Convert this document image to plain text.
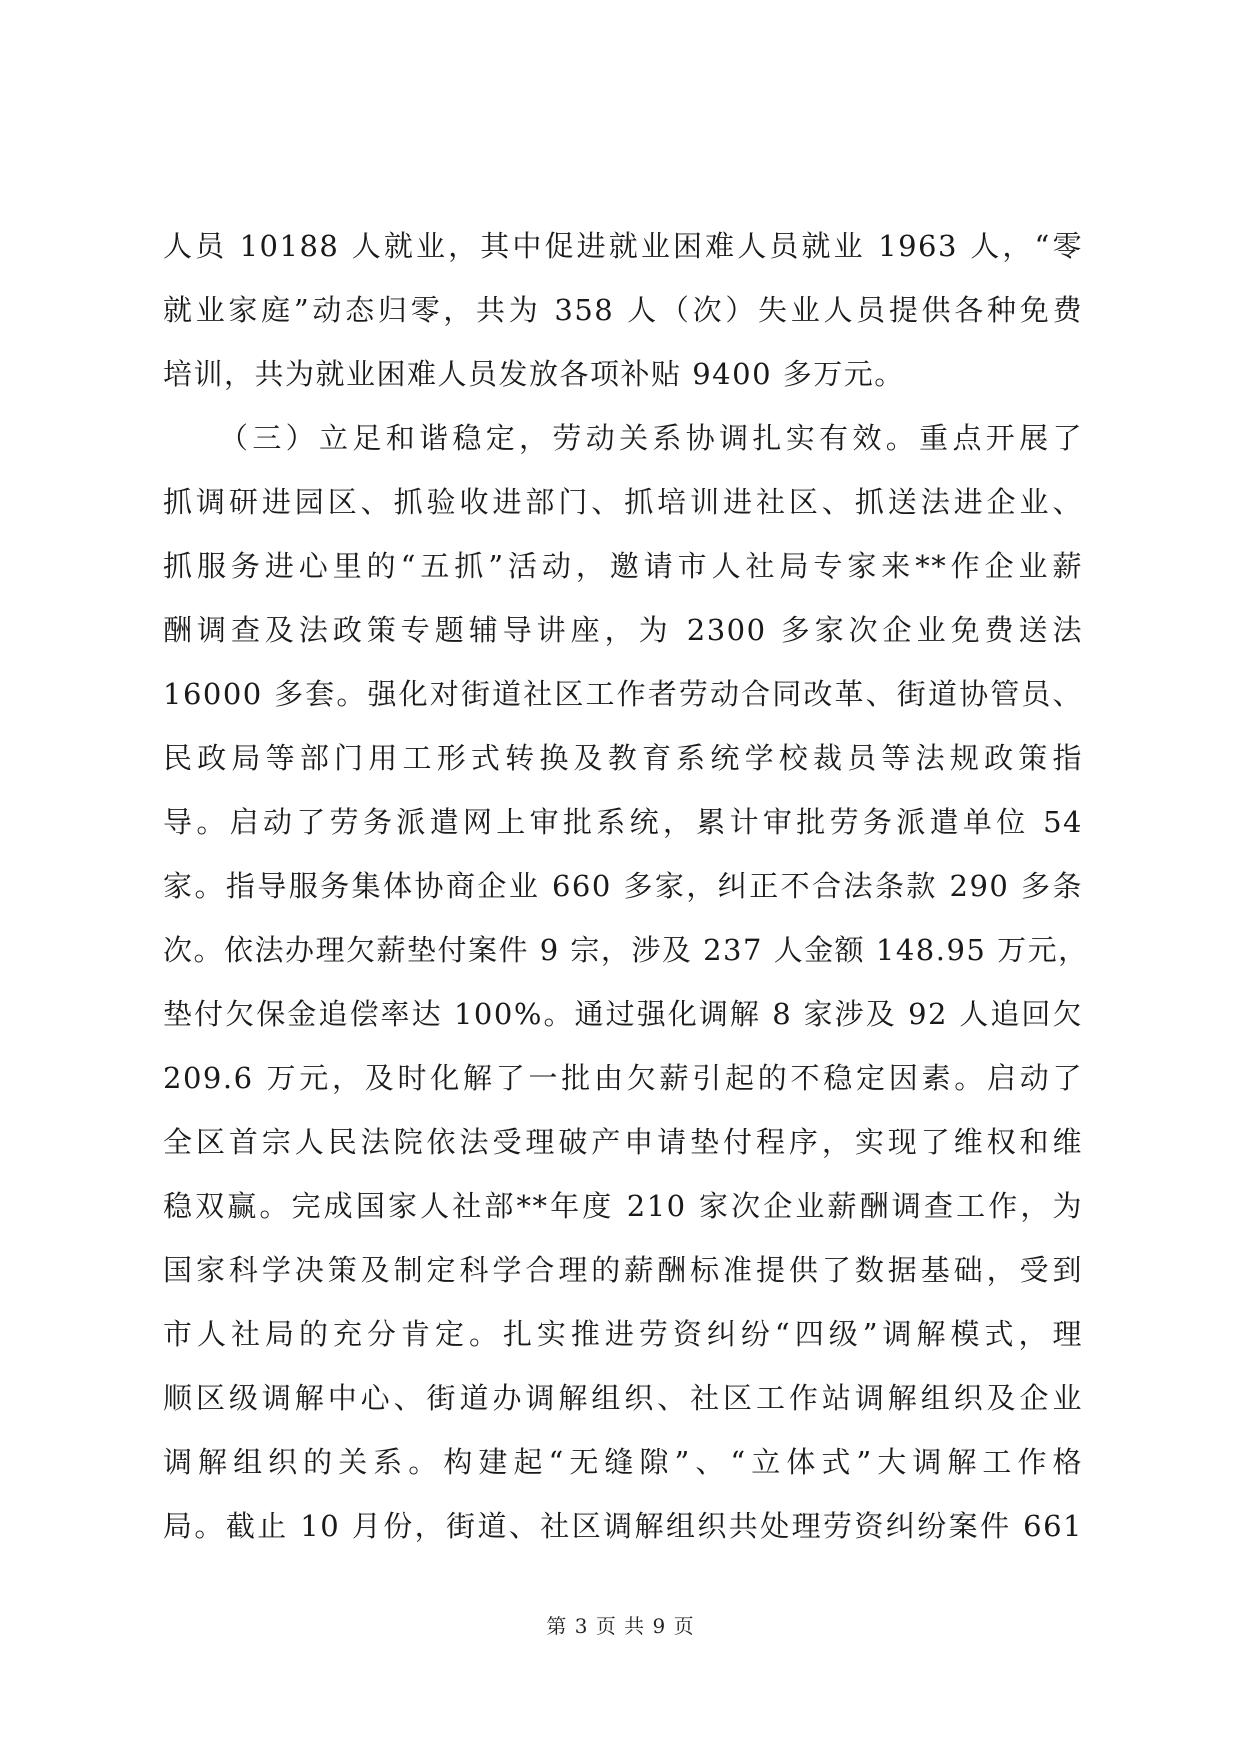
人员 10188 人就业，其中促进就业困难人员就业 1963 人，“零
就业家庭”动态归零，共为 358 人（次）失业人员提供各种免费
培训，共为就业困难人员发放各项补贴 9400 多万元。
（三）立足和谐稳定，劳动关系协调扎实有效。重点开展了
抓调研进园区、抓验收进部门、抓培训进社区、抓送法进企业、
抓服务进心里的“五抓”活动，邀请市人社局专家来**作企业薪
酬调查及法政策专题辅导讲座，为 2300 多家次企业免费送法
16000 多套。强化对街道社区工作者劳动合同改革、街道协管员、
民政局等部门用工形式转换及教育系统学校裁员等法规政策指
导。启动了劳务派遣网上审批系统，累计审批劳务派遣单位 54
家。指导服务集体协商企业 660 多家，纠正不合法条款 290 多条
次。依法办理欠薪垫付案件 9 宗，涉及 237 人金额 148.95 万元，
垫付欠保金追偿率达 100%。通过强化调解 8 家涉及 92 人追回欠
209.6 万元，及时化解了一批由欠薪引起的不稳定因素。启动了
全区首宗人民法院依法受理破产申请垫付程序，实现了维权和维
稳双赢。完成国家人社部**年度 210 家次企业薪酬调查工作，为
国家科学决策及制定科学合理的薪酬标准提供了数据基础，受到
市人社局的充分肯定。扎实推进劳资纠纷“四级”调解模式，理
顺区级调解中心、街道办调解组织、社区工作站调解组织及企业
调解组织的关系。构建起“无缝隙”、“立体式”大调解工作格
局。截止 10 月份，街道、社区调解组织共处理劳资纠纷案件 661
第 3 页 共 9 页
